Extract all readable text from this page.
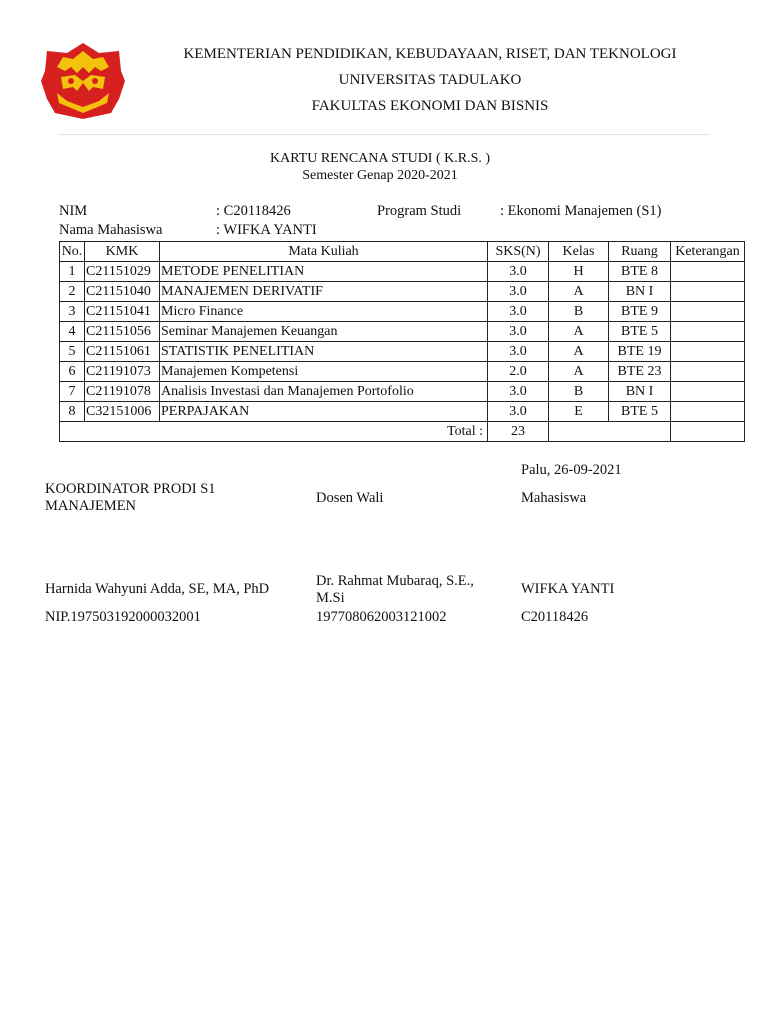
KEMENTERIAN PENDIDIKAN, KEBUDAYAAN, RISET, DAN TEKNOLOGI
UNIVERSITAS TADULAKO
FAKULTAS EKONOMI DAN BISNIS
KARTU RENCANA STUDI ( K.R.S. )
Semester Genap 2020-2021
NIM	: C20118426	Program Studi	: Ekonomi Manajemen (S1)
Nama Mahasiswa	: WIFKA YANTI
No.	KMK	Mata Kuliah	SKS(N)	Kelas	Ruang	Keterangan
1	C21151029	METODE PENELITIAN	3.0	H	BTE 8	
2	C21151040	MANAJEMEN DERIVATIF	3.0	A	BN I	
3	C21151041	Micro Finance	3.0	B	BTE 9	
4	C21151056	Seminar Manajemen Keuangan	3.0	A	BTE 5	
5	C21151061	STATISTIK PENELITIAN	3.0	A	BTE 19	
6	C21191073	Manajemen Kompetensi	2.0	A	BTE 23	
7	C21191078	Analisis Investasi dan Manajemen Portofolio	3.0	B	BN I	
8	C32151006	PERPAJAKAN	3.0	E	BTE 5	
Total :			23			
Palu, 26-09-2021
KOORDINATOR PRODI S1
MANAJEMEN	Dosen Wali	Mahasiswa
Harnida Wahyuni Adda, SE, MA, PhD	Dr. Rahmat Mubaraq, S.E.,
M.Si
WIFKA YANTI
NIP.197503192000032001	197708062003121002	C20118426
